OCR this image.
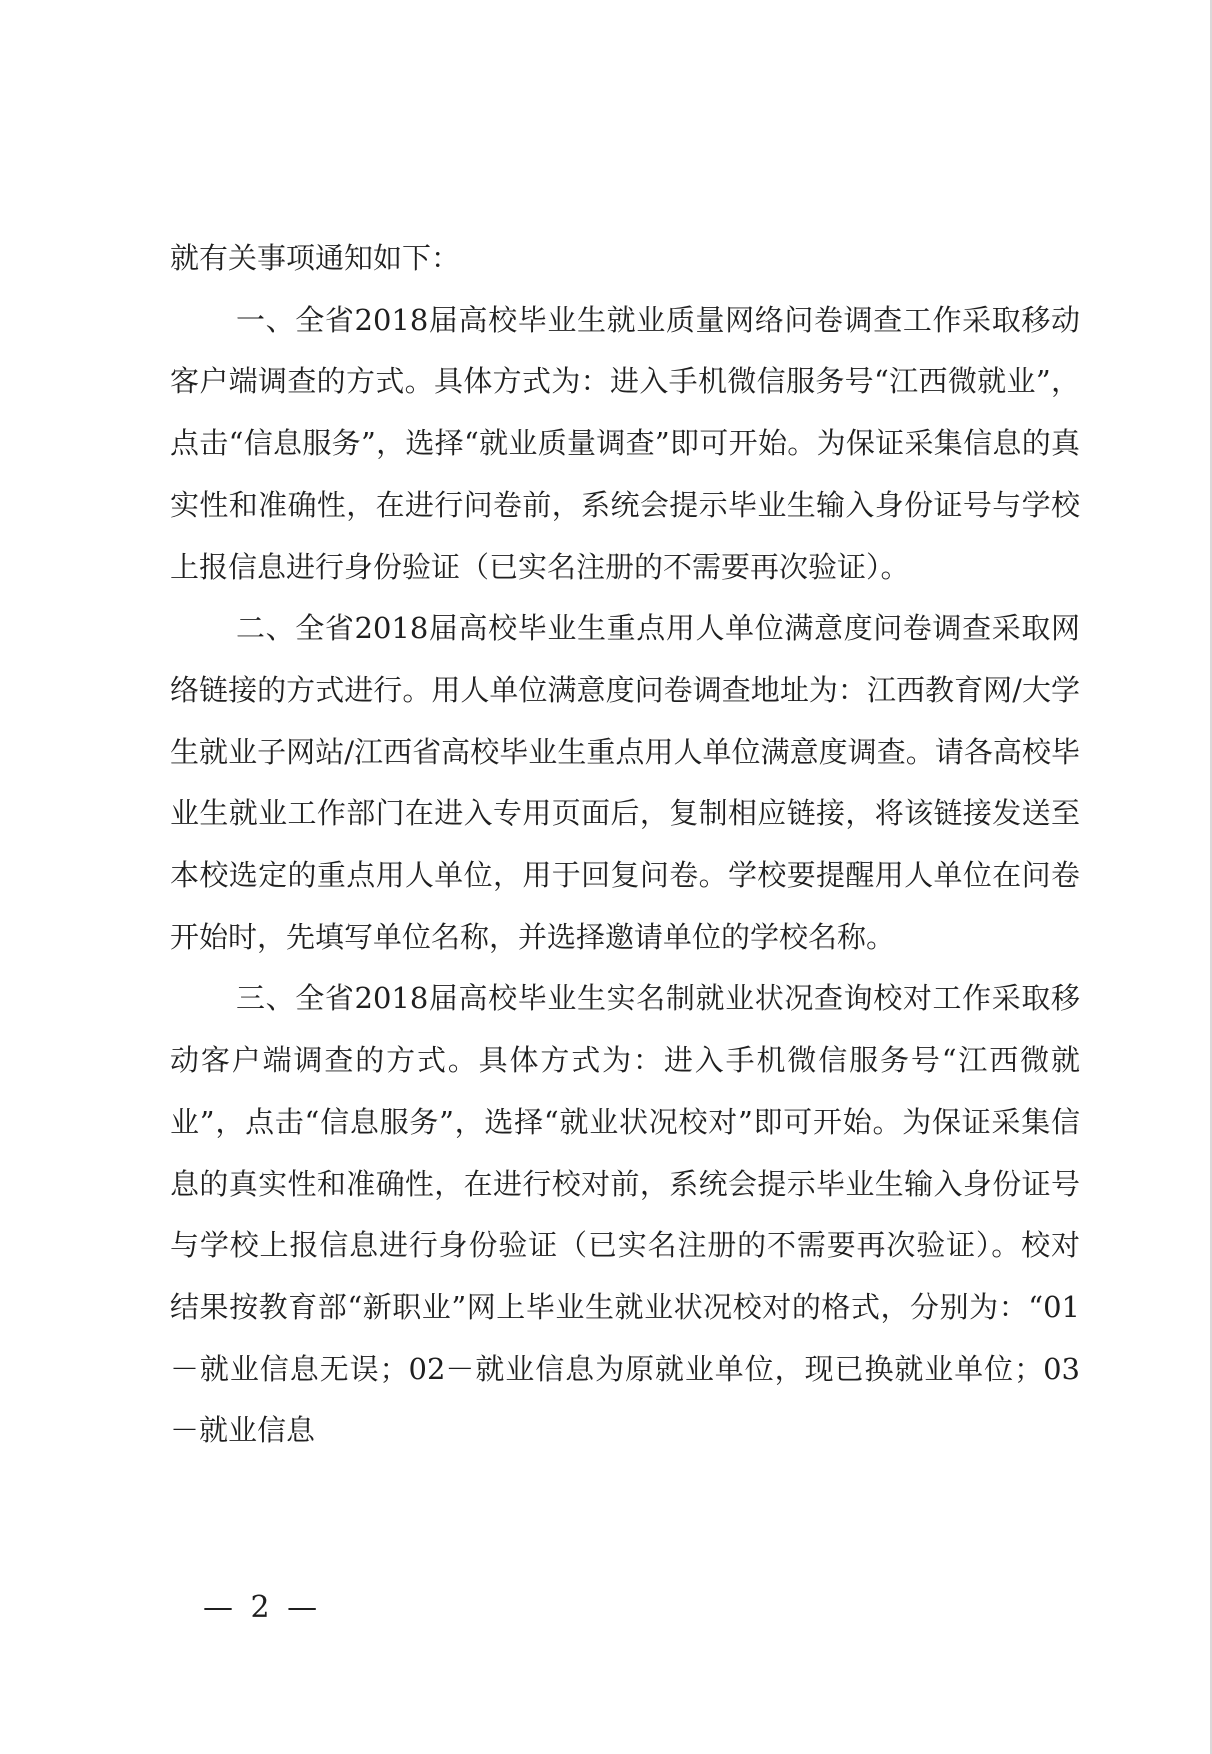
就有关事项通知如下：

一、全省2018届高校毕业生就业质量网络问卷调查工作采取移动客户端调查的方式。具体方式为：进入手机微信服务号“江西微就业”，点击“信息服务”，选择“就业质量调查”即可开始。为保证采集信息的真实性和准确性，在进行问卷前，系统会提示毕业生输入身份证号与学校上报信息进行身份验证（已实名注册的不需要再次验证）。

二、全省2018届高校毕业生重点用人单位满意度问卷调查采取网络链接的方式进行。用人单位满意度问卷调查地址为：江西教育网/大学生就业子网站/江西省高校毕业生重点用人单位满意度调查。请各高校毕业生就业工作部门在进入专用页面后，复制相应链接，将该链接发送至本校选定的重点用人单位，用于回复问卷。学校要提醒用人单位在问卷开始时，先填写单位名称，并选择邀请单位的学校名称。

三、全省2018届高校毕业生实名制就业状况查询校对工作采取移动客户端调查的方式。具体方式为：进入手机微信服务号“江西微就业”，点击“信息服务”，选择“就业状况校对”即可开始。为保证采集信息的真实性和准确性，在进行校对前，系统会提示毕业生输入身份证号与学校上报信息进行身份验证（已实名注册的不需要再次验证）。校对结果按教育部“新职业”网上毕业生就业状况校对的格式，分别为：“01－就业信息无误；02－就业信息为原就业单位，现已换就业单位；03－就业信息

— 2 —
